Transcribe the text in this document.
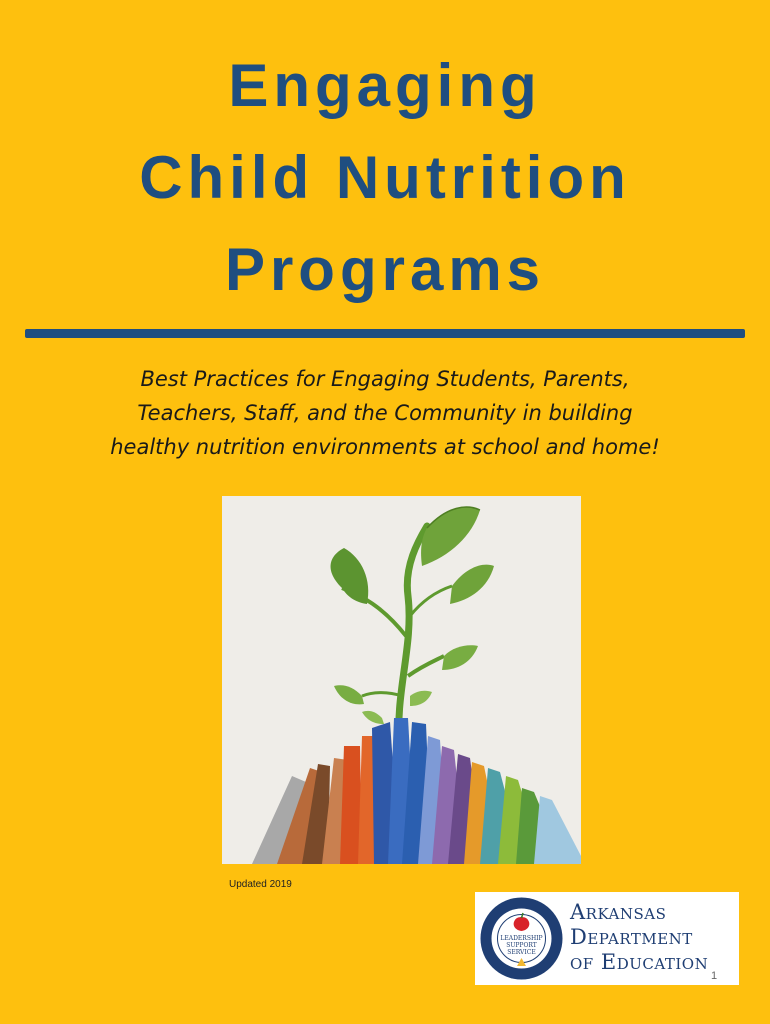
Engaging
Child Nutrition
Programs
Best Practices for Engaging Students, Parents,
Teachers, Staff, and the Community in building
healthy nutrition environments at school and home!
Updated 2019
LEADERSHIP
SUPPORT
SERVICE
Arkansas
Department
of Education
1
